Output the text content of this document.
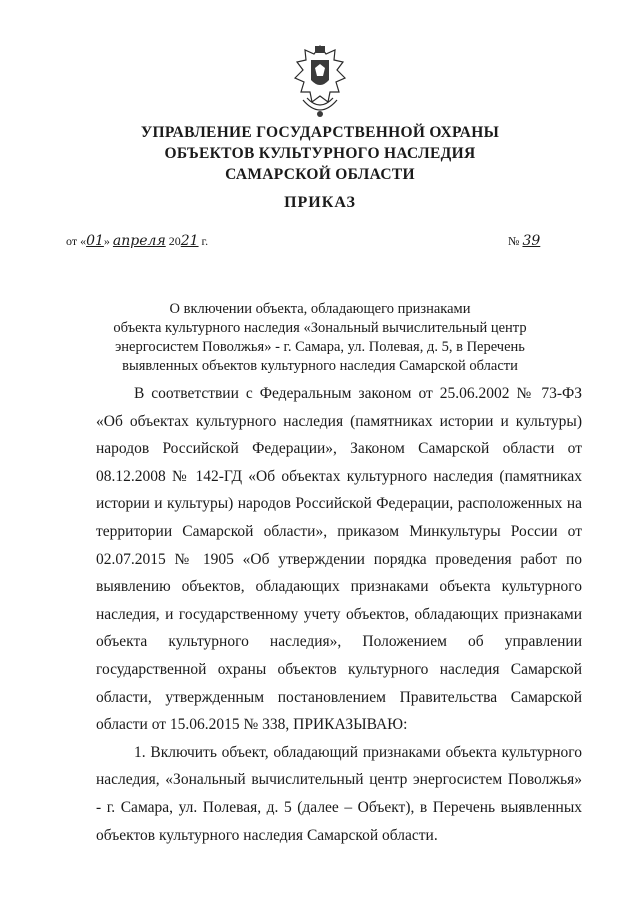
УПРАВЛЕНИЕ ГОСУДАРСТВЕННОЙ ОХРАНЫ
ОБЪЕКТОВ КУЛЬТУРНОГО НАСЛЕДИЯ
САМАРСКОЙ ОБЛАСТИ
ПРИКАЗ
от «01» апреля 2021 г.	№ 39
О включении объекта, обладающего признаками
объекта культурного наследия «Зональный вычислительный центр
энергосистем Поволжья» - г. Самара, ул. Полевая, д. 5, в Перечень
выявленных объектов культурного наследия Самарской области

В соответствии с Федеральным законом от 25.06.2002 № 73-ФЗ «Об объектах культурного наследия (памятниках истории и культуры) народов Российской Федерации», Законом Самарской области от 08.12.2008 № 142-ГД «Об объектах культурного наследия (памятниках истории и культуры) народов Российской Федерации, расположенных на территории Самарской области», приказом Минкультуры России от 02.07.2015 № 1905 «Об утверждении порядка проведения работ по выявлению объектов, обладающих признаками объекта культурного наследия, и государственному учету объектов, обладающих признаками объекта культурного наследия», Положением об управлении государственной охраны объектов культурного наследия Самарской области, утвержденным постановлением Правительства Самарской области от 15.06.2015 № 338, ПРИКАЗЫВАЮ:

1. Включить объект, обладающий признаками объекта культурного наследия, «Зональный вычислительный центр энергосистем Поволжья» - г. Самара, ул. Полевая, д. 5 (далее – Объект), в Перечень выявленных объектов культурного наследия Самарской области.
